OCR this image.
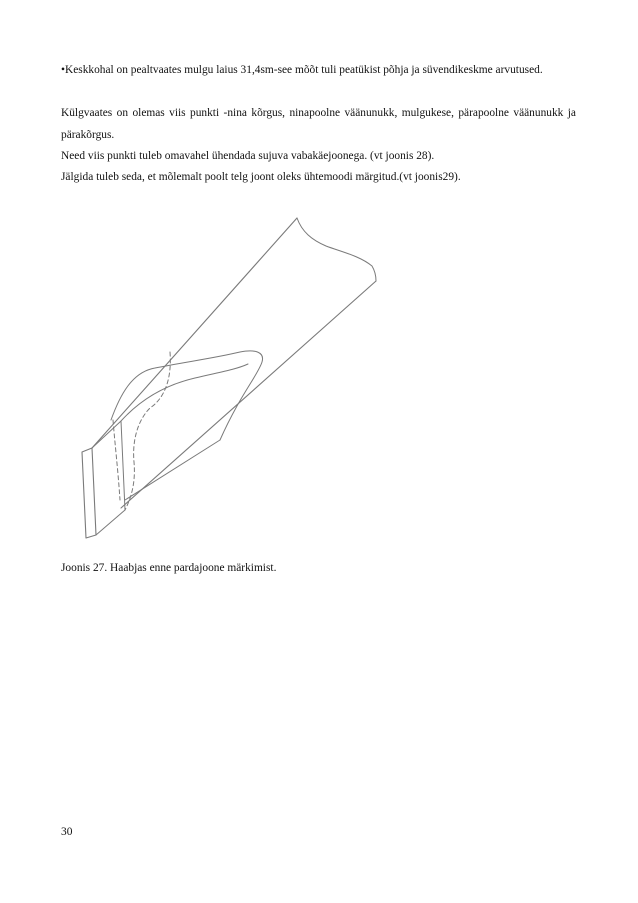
•Keskkohal on pealtvaates mulgu laius 31,4sm-see mõõt tuli peatükist põhja ja süvendikeskme arvutused.

Külgvaates on olemas viis punkti -nina kõrgus, ninapoolne väänunukk, mulgukese, pärapoolne väänunukk ja pärakõrgus.

Need viis punkti tuleb omavahel ühendada sujuva vabakäejoonega. (vt joonis 28).

Jälgida tuleb seda, et mõlemalt poolt telg joont oleks ühtemoodi märgitud.(vt joonis29).

Joonis 27. Haabjas enne pardajoone märkimist.

30
